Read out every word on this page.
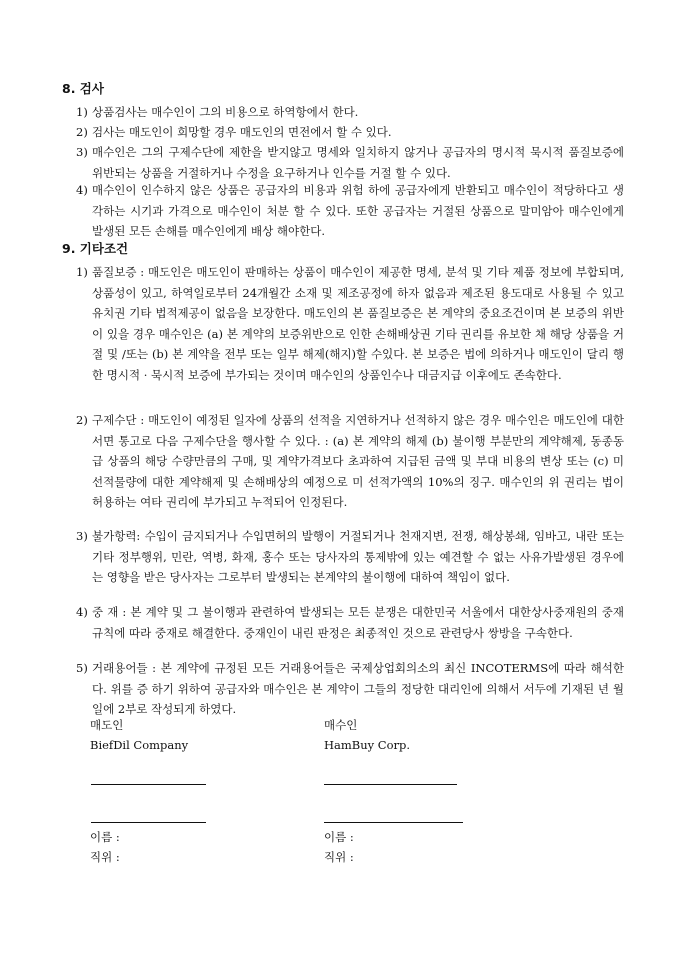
8. 검사
1) 상품검사는 매수인이 그의 비용으로 하역항에서 한다.
2) 검사는 매도인이 희망할 경우 매도인의 면전에서 할 수 있다.
3) 매수인은 그의 구제수단에 제한을 받지않고 명세와 일치하지 않거나 공급자의 명시적 묵시적 품질보증에 위반되는 상품을 거절하거나 수정을 요구하거나 인수를 거절 할 수 있다.
4) 매수인이 인수하지 않은 상품은 공급자의 비용과 위험 하에 공급자에게 반환되고 매수인이 적당하다고 생각하는 시기과 가격으로 매수인이 처분 할 수 있다. 또한 공급자는 거절된 상품으로 말미암아 매수인에게 발생된 모든 손해를 매수인에게 배상 해야한다.
9. 기타조건
1) 품질보증 : 매도인은 매도인이 판매하는 상품이 매수인이 제공한 명세, 분석 및 기타 제품 정보에 부합되며, 상품성이 있고, 하역일로부터 24개월간 소재 및 제조공정에 하자 없음과 제조된 용도대로 사용될 수 있고 유치권 기타 법적제공이 없음을 보장한다. 매도인의 본 품질보증은 본 계약의 중요조건이며 본 보증의 위반이 있을 경우 매수인은 (a) 본 계약의 보증위반으로 인한 손해배상권 기타 권리를 유보한 채 해당 상품을 거절 및 /또는 (b) 본 계약을 전부 또는 일부 해제(해지)할 수있다. 본 보증은 법에 의하거나 매도인이 달리 행한 명시적 · 묵시적 보증에 부가되는 것이며 매수인의 상품인수나 대금지급 이후에도 존속한다.
2) 구제수단 : 매도인이 예정된 일자에 상품의 선적을 지연하거나 선적하지 않은 경우 매수인은 매도인에 대한 서면 통고로 다음 구제수단을 행사할 수 있다. : (a) 본 계약의 해제 (b) 불이행 부분만의 계약해제, 동종동급 상품의 해당 수량만큼의 구매, 및 계약가격보다 초과하여 지급된 금액 및 부대 비용의 변상 또는 (c) 미선적물량에 대한 계약해제 및 손해배상의 예정으로 미 선적가액의 10%의 징구. 매수인의 위 권리는 법이 허용하는 여타 권리에 부가되고 누적되어 인정된다.
3) 불가항력: 수입이 금지되거나 수입면허의 발행이 거절되거나 천재지변, 전쟁, 해상봉쇄, 임바고, 내란 또는 기타 정부행위, 민란, 역병, 화재, 홍수 또는 당사자의 통제밖에 있는 예견할 수 없는 사유가발생된 경우에는 영향을 받은 당사자는 그로부터 발생되는 본계약의 불이행에 대하여 책임이 없다.
4) 중 재 : 본 계약 및 그 불이행과 관련하여 발생되는 모든 분쟁은 대한민국 서울에서 대한상사중재원의 중재규칙에 따라 중재로 해결한다. 중재인이 내린 판정은 최종적인 것으로 관련당사 쌍방을 구속한다.
5) 거래용어들 : 본 계약에 규정된 모든 거래용어들은 국제상업회의소의 최신 INCOTERMS에 따라 해석한다. 위를 증 하기 위하여 공급자와 매수인은 본 계약이 그들의 정당한 대리인에 의해서 서두에 기재된 년 월 일에 2부로 작성되게 하였다.
매도인	매수인
BiefDil Company	HamBuy Corp.
이름 :	이름 :
직위 :	직위 :
